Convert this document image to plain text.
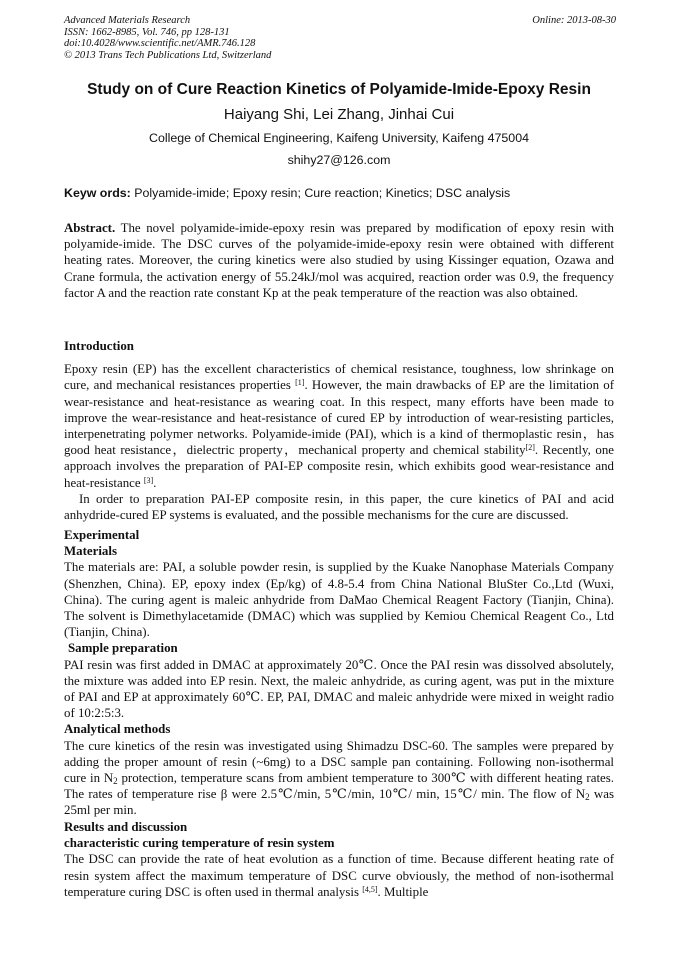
Advanced Materials Research
ISSN: 1662-8985, Vol. 746, pp 128-131
doi:10.4028/www.scientific.net/AMR.746.128
© 2013 Trans Tech Publications Ltd, Switzerland
Online: 2013-08-30
Study on of Cure Reaction Kinetics of Polyamide-Imide-Epoxy Resin
Haiyang Shi, Lei Zhang, Jinhai Cui
College of Chemical Engineering, Kaifeng University, Kaifeng 475004
shihy27@126.com
Keyw ords: Polyamide-imide; Epoxy resin; Cure reaction; Kinetics; DSC analysis

Abstract. The novel polyamide-imide-epoxy resin was prepared by modification of epoxy resin with polyamide-imide. The DSC curves of the polyamide-imide-epoxy resin were obtained with different heating rates. Moreover, the curing kinetics were also studied by using Kissinger equation, Ozawa and Crane formula, the activation energy of 55.24kJ/mol was acquired, reaction order was 0.9, the frequency factor A and the reaction rate constant Kp at the peak temperature of the reaction was also obtained.

Introduction

Epoxy resin (EP) has the excellent characteristics of chemical resistance, toughness, low shrinkage on cure, and mechanical resistances properties [1]. However, the main drawbacks of EP are the limitation of wear-resistance and heat-resistance as wearing coat. In this respect, many efforts have been made to improve the wear-resistance and heat-resistance of cured EP by introduction of wear-resisting particles, interpenetrating polymer networks. Polyamide-imide (PAI), which is a kind of thermoplastic resin，has good heat resistance，dielectric property，mechanical property and chemical stability[2]. Recently, one approach involves the preparation of PAI-EP composite resin, which exhibits good wear-resistance and heat-resistance [3].

In order to preparation PAI-EP composite resin, in this paper, the cure kinetics of PAI and acid anhydride-cured EP systems is evaluated, and the possible mechanisms for the cure are discussed.

Experimental

Materials

The materials are: PAI, a soluble powder resin, is supplied by the Kuake Nanophase Materials Company (Shenzhen, China). EP, epoxy index (Ep/kg) of 4.8-5.4 from China National BluSter Co.,Ltd (Wuxi, China). The curing agent is maleic anhydride from DaMao Chemical Reagent Factory (Tianjin, China). The solvent is Dimethylacetamide (DMAC) which was supplied by Kemiou Chemical Reagent Co., Ltd (Tianjin, China).

Sample preparation

PAI resin was first added in DMAC at approximately 20℃. Once the PAI resin was dissolved absolutely, the mixture was added into EP resin. Next, the maleic anhydride, as curing agent, was put in the mixture of PAI and EP at approximately 60℃. EP, PAI, DMAC and maleic anhydride were mixed in weight radio of 10:2:5:3.

Analytical methods

The cure kinetics of the resin was investigated using Shimadzu DSC-60. The samples were prepared by adding the proper amount of resin (~6mg) to a DSC sample pan containing. Following non-isothermal cure in $N_2$ protection, temperature scans from ambient temperature to 300℃ with different heating rates. The rates of temperature rise β were 2.5℃/min, 5℃/min, 10℃/ min, 15℃/ min. The flow of $N_2$ was 25ml per min.

Results and discussion

characteristic curing temperature of resin system

The DSC can provide the rate of heat evolution as a function of time. Because different heating rate of resin system affect the maximum temperature of DSC curve obviously, the method of non-isothermal temperature curing DSC is often used in thermal analysis [4,5]. Multiple
